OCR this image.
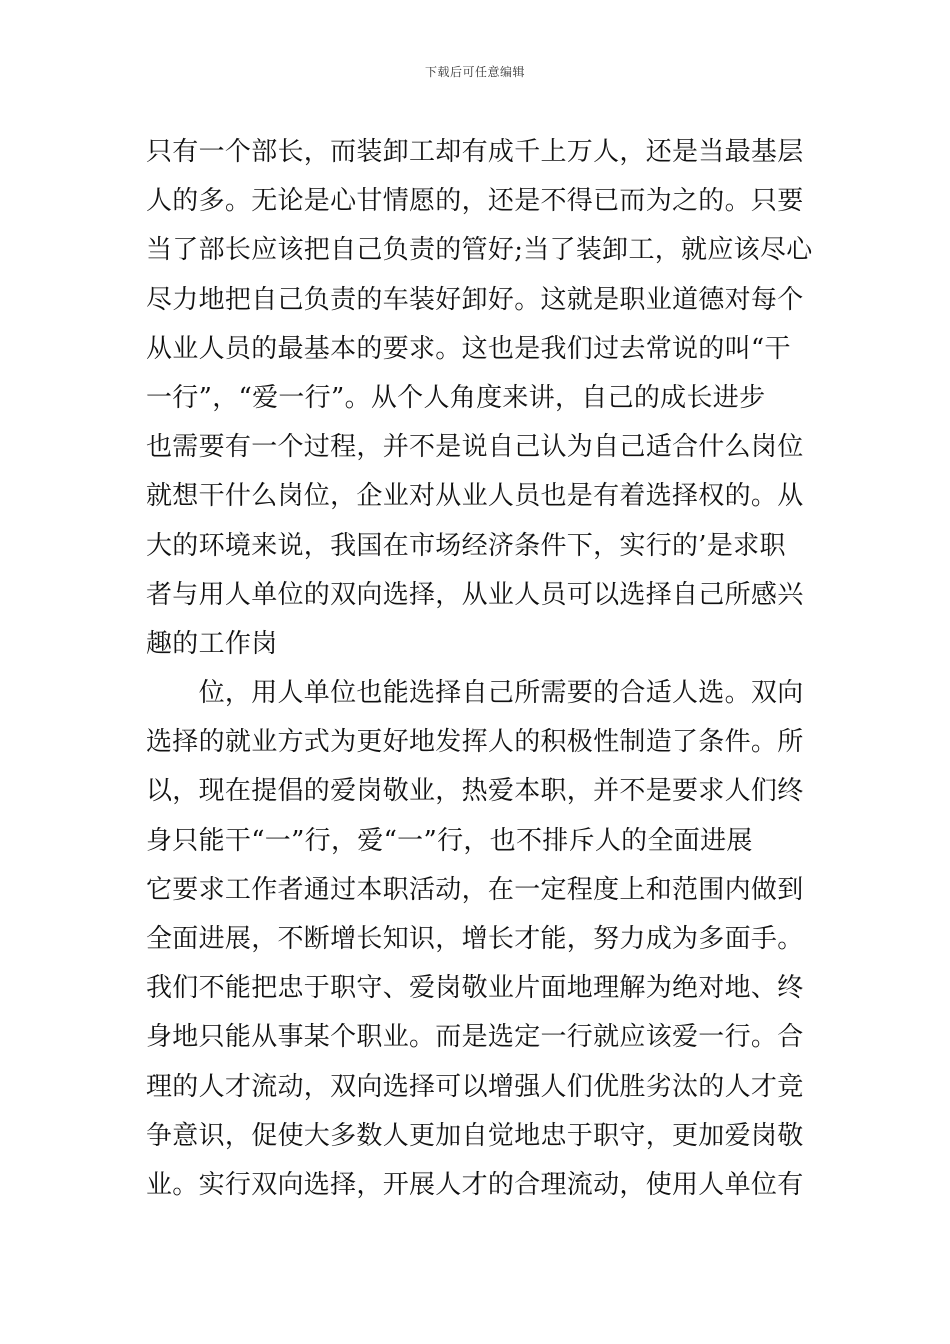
下载后可任意编辑
只有一个部长，而装卸工却有成千上万人，还是当最基层
人的多。无论是心甘情愿的，还是不得已而为之的。只要
当了部长应该把自己负责的管好;当了装卸工，就应该尽心
尽力地把自己负责的车装好卸好。这就是职业道德对每个
从业人员的最基本的要求。这也是我们过去常说的叫“干
一行”，“爱一行”。从个人角度来讲，自己的成长进步
也需要有一个过程，并不是说自己认为自己适合什么岗位
就想干什么岗位，企业对从业人员也是有着选择权的。从
大的环境来说，我国在市场经济条件下，实行的’是求职
者与用人单位的双向选择，从业人员可以选择自己所感兴
趣的工作岗
　　位，用人单位也能选择自己所需要的合适人选。双向
选择的就业方式为更好地发挥人的积极性制造了条件。所
以，现在提倡的爱岗敬业，热爱本职，并不是要求人们终
身只能干“一”行，爱“一”行，也不排斥人的全面进展
它要求工作者通过本职活动，在一定程度上和范围内做到
全面进展，不断增长知识，增长才能，努力成为多面手。
我们不能把忠于职守、爱岗敬业片面地理解为绝对地、终
身地只能从事某个职业。而是选定一行就应该爱一行。合
理的人才流动，双向选择可以增强人们优胜劣汰的人才竞
争意识，促使大多数人更加自觉地忠于职守，更加爱岗敬
业。实行双向选择，开展人才的合理流动，使用人单位有
